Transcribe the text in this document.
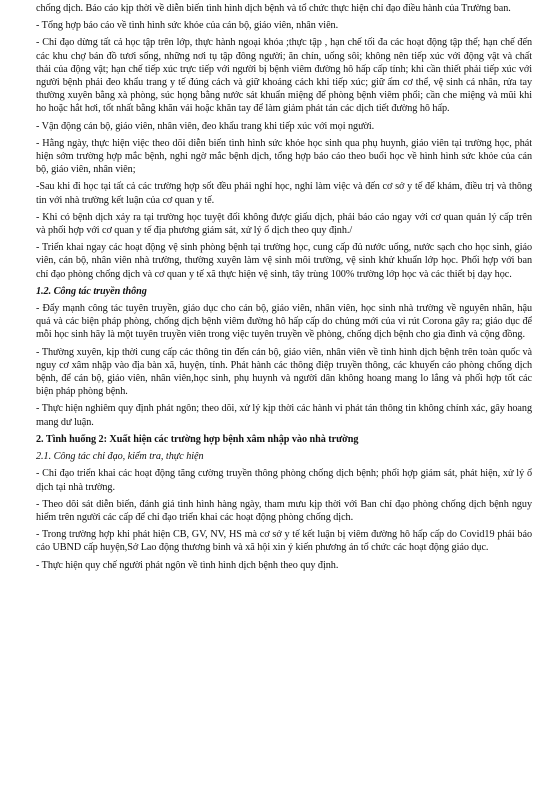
chống dịch. Báo cáo kịp thời về diễn biến tình hình dịch bệnh và tổ chức thực hiện chỉ đạo điều hành của Trường ban.

- Tổng hợp báo cáo về tình hình sức khỏe của cán bộ, giáo viên, nhân viên.

- Chỉ đạo dừng tất cả học tập trên lớp, thực hành ngoại khóa ;thực tập , hạn chế tối đa các hoạt động tập thể; hạn chế đến các khu chợ bán đồ tươi sống, những nơi tụ tập đông người; ăn chín, uống sôi; không nên tiếp xúc với động vật và chất thải của động vật; hạn chế tiếp xúc trực tiếp với người bị bệnh viêm đường hô hấp cấp tính; khi cần thiết phải tiếp xúc với người bệnh phải đeo khẩu trang y tế đúng cách và giữ khoảng cách khi tiếp xúc; giữ ấm cơ thể, vệ sinh cá nhân, rửa tay thường xuyên bằng xà phòng, súc họng bằng nước sát khuẩn miệng để phòng bệnh viêm phổi; cần che miệng và mũi khi ho hoặc hắt hơi, tốt nhất bằng khăn vải hoặc khăn tay để làm giảm phát tán các dịch tiết đường hô hấp.

- Vận động cán bộ, giáo viên, nhân viên, đeo khẩu trang khi tiếp xúc với mọi người.

- Hằng ngày, thực hiện việc theo dõi diễn biến tình hình sức khỏe học sinh qua phụ huynh, giáo viên tại trường học, phát hiện sớm trường hợp mắc bệnh, nghi ngờ mắc bệnh dịch, tổng hợp báo cáo theo buổi học về hình hình sức khỏe của cán bộ, giáo viên, nhân viên;

-Sau khi đi học tại tất cả các trường hợp sốt đều phải nghỉ học, nghỉ làm việc và đến cơ sở y tế để khám, điều trị và thông tin với nhà trường kết luận của cơ quan y tế.

- Khi có bệnh dịch xảy ra tại trường học tuyệt đối không được giấu dịch, phải báo cáo ngay với cơ quan quản lý cấp trên và phối hợp với cơ quan y tế địa phương giám sát, xử lý ổ dịch theo quy định./

- Triển khai ngay các hoạt động vệ sinh phòng bệnh tại trường học, cung cấp đủ nước uống, nước sạch cho học sinh, giáo viên, cán bộ, nhân viên nhà trường, thường xuyên làm vệ sinh môi trường, vệ sinh khử khuẩn lớp học. Phối hợp với ban chỉ đạo phòng chống dịch và cơ quan y tế xã thực hiện vệ sinh, tây trùng 100% trường lớp học và các thiết bị dạy học.

1.2. Công tác truyền thông

- Đẩy mạnh công tác tuyên truyền, giáo dục cho cán bộ, giáo viên, nhân viên, học sinh nhà trường về nguyên nhân, hậu quả và các biện pháp phòng, chống dịch bệnh viêm đường hô hấp cấp do chủng mới của vi rút Corona gây ra; giáo dục để mỗi học sinh hãy là một tuyên truyền viên trong việc tuyên truyền về phòng, chống dịch bệnh cho gia đình và cộng đồng.

- Thường xuyên, kịp thời cung cấp các thông tin đến cán bộ, giáo viên, nhân viên về tình hình dịch bệnh trên toàn quốc và nguy cơ xâm nhập vào địa bàn xã, huyện, tỉnh. Phát hành các thông điệp truyền thông, các khuyến cáo phòng chống dịch bệnh, để cán bộ, giáo viên, nhân viên,học sinh, phụ huynh và người dân không hoang mang lo lắng và phối hợp tốt các biện pháp phòng bệnh.

- Thực hiện nghiêm quy định phát ngôn; theo dõi, xử lý kịp thời các hành vi phát tán thông tin không chính xác, gây hoang mang dư luận.

2. Tình huống 2: Xuất hiện các trường hợp bệnh xâm nhập vào nhà trường

2.1. Công tác chỉ đạo, kiểm tra, thực hiện

- Chỉ đạo triển khai các hoạt động tăng cường truyền thông phòng chống dịch bệnh; phối hợp giám sát, phát hiện, xử lý ổ dịch tại nhà trường.

- Theo dõi sát diễn biến, đánh giá tình hình hàng ngày, tham mưu kịp thời với Ban chỉ đạo phòng chống dịch bệnh nguy hiểm trên người các cấp để chỉ đạo triển khai các hoạt động phòng chống dịch.

- Trong trường hợp khi phát hiện CB, GV, NV, HS mà cơ sở y tế kết luận bị viêm đường hô hấp cấp do Covid19 phải báo cáo UBND cấp huyện,Sở Lao động thương binh và xã hội xin ý kiến phương án tổ chức các hoạt động giáo dục.

- Thực hiện quy chế người phát ngôn về tình hình dịch bệnh theo quy định.
